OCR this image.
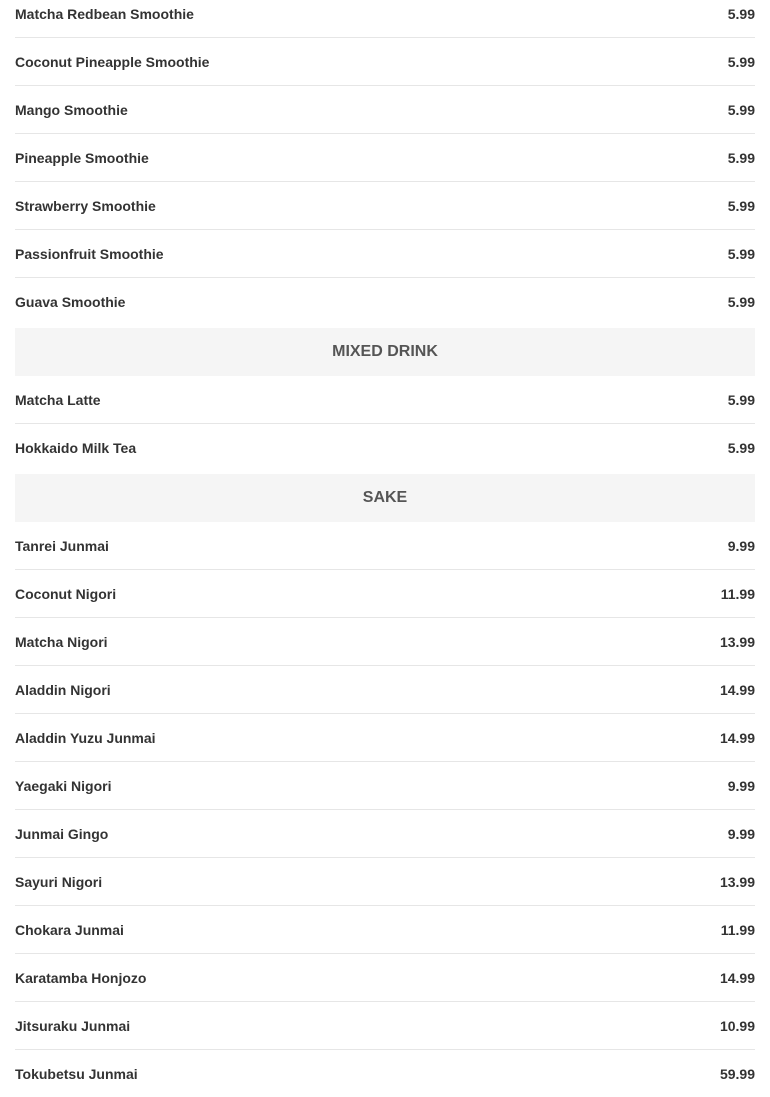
Matcha Redbean Smoothie	5.99
Coconut Pineapple Smoothie	5.99
Mango Smoothie	5.99
Pineapple Smoothie	5.99
Strawberry Smoothie	5.99
Passionfruit Smoothie	5.99
Guava Smoothie	5.99
MIXED DRINK
Matcha Latte	5.99
Hokkaido Milk Tea	5.99
SAKE
Tanrei Junmai	9.99
Coconut Nigori	11.99
Matcha Nigori	13.99
Aladdin Nigori	14.99
Aladdin Yuzu Junmai	14.99
Yaegaki Nigori	9.99
Junmai Gingo	9.99
Sayuri Nigori	13.99
Chokara Junmai	11.99
Karatamba Honjozo	14.99
Jitsuraku Junmai	10.99
Tokubetsu Junmai	59.99
